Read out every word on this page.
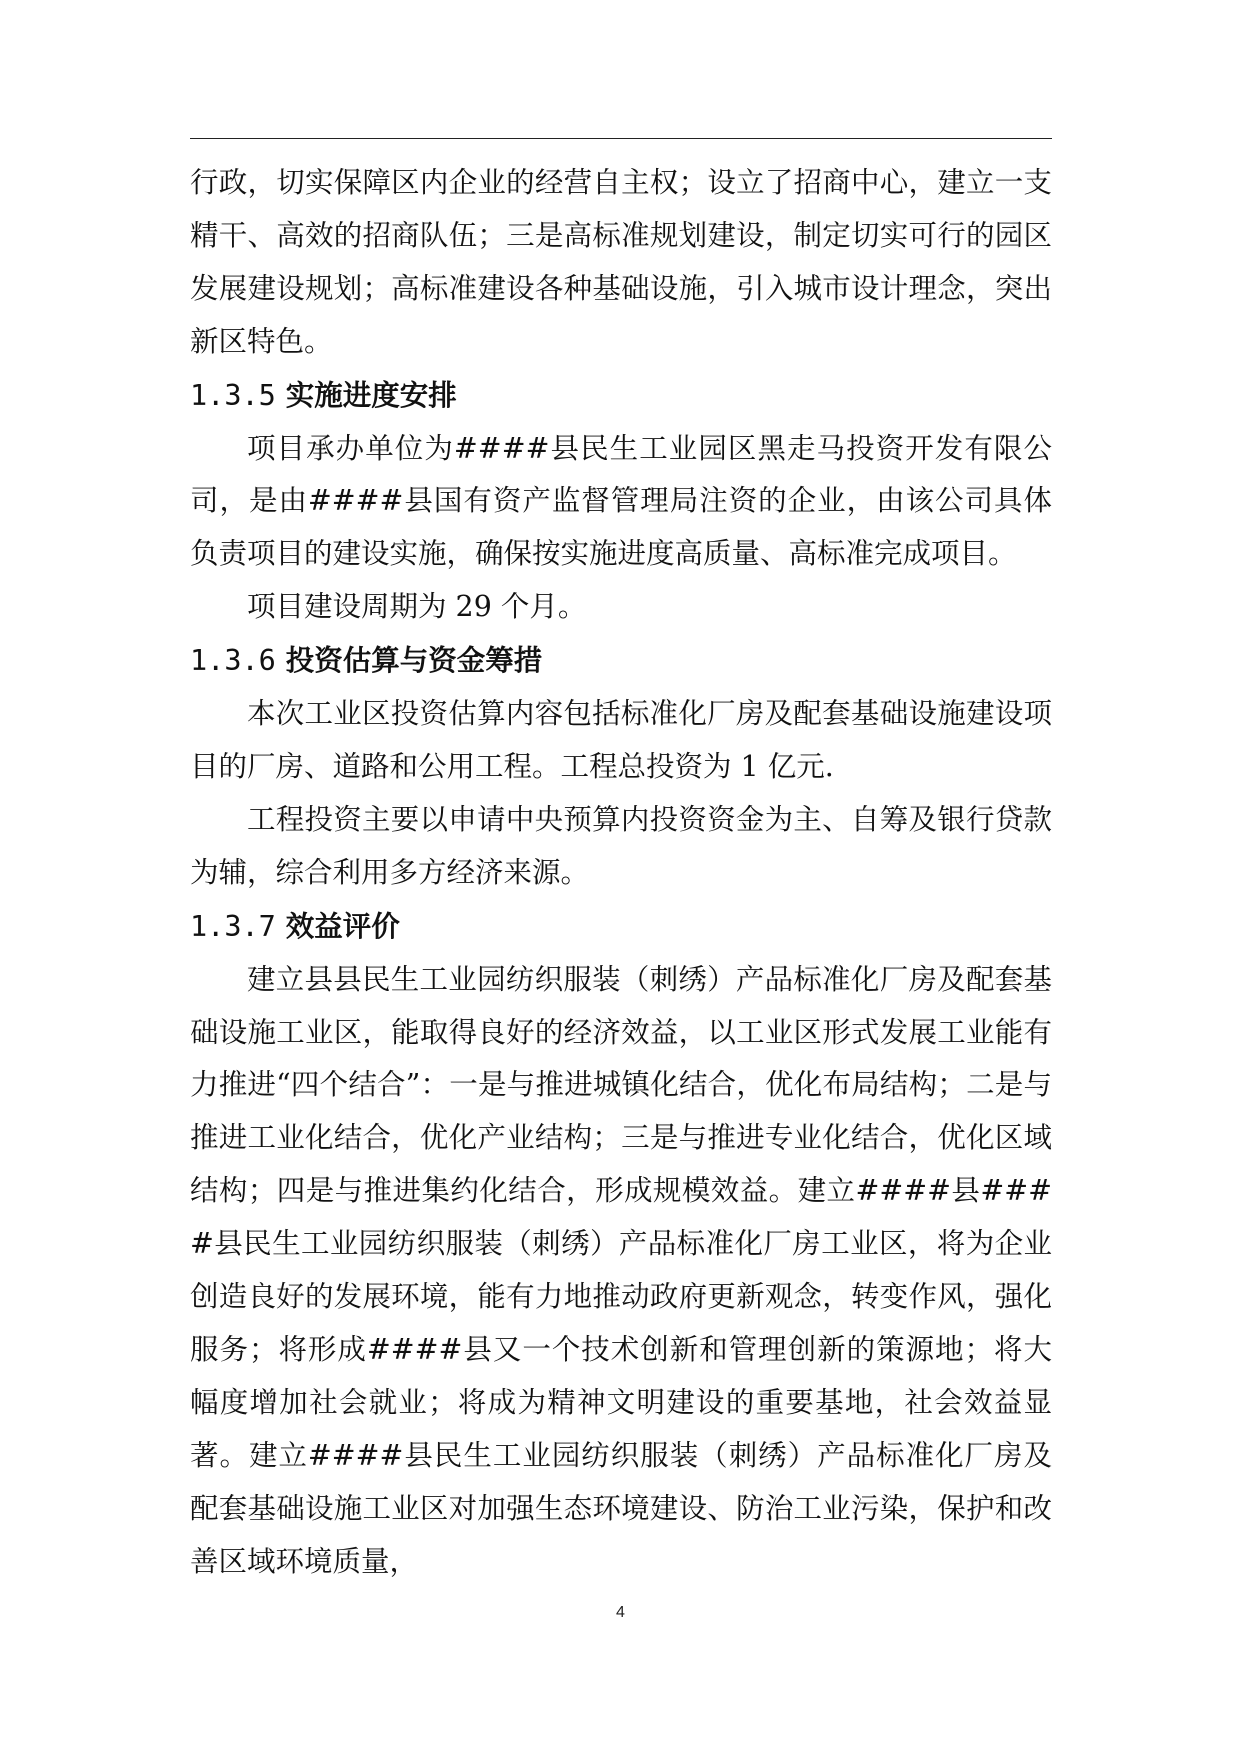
行政，切实保障区内企业的经营自主权；设立了招商中心，建立一支精干、高效的招商队伍；三是高标准规划建设，制定切实可行的园区发展建设规划；高标准建设各种基础设施，引入城市设计理念，突出新区特色。

1.3.5 实施进度安排

项目承办单位为####县民生工业园区黑走马投资开发有限公司，是由####县国有资产监督管理局注资的企业，由该公司具体负责项目的建设实施，确保按实施进度高质量、高标准完成项目。

项目建设周期为 29 个月。

1.3.6 投资估算与资金筹措

本次工业区投资估算内容包括标准化厂房及配套基础设施建设项目的厂房、道路和公用工程。工程总投资为 1 亿元.

工程投资主要以申请中央预算内投资资金为主、自筹及银行贷款为辅，综合利用多方经济来源。

1.3.7 效益评价

建立县县民生工业园纺织服装（刺绣）产品标准化厂房及配套基础设施工业区，能取得良好的经济效益，以工业区形式发展工业能有力推进“四个结合”：一是与推进城镇化结合，优化布局结构；二是与推进工业化结合，优化产业结构；三是与推进专业化结合，优化区域结构；四是与推进集约化结合，形成规模效益。建立####县####县民生工业园纺织服装（刺绣）产品标准化厂房工业区，将为企业创造良好的发展环境，能有力地推动政府更新观念，转变作风，强化服务；将形成####县又一个技术创新和管理创新的策源地；将大幅度增加社会就业；将成为精神文明建设的重要基地，社会效益显著。建立####县民生工业园纺织服装（刺绣）产品标准化厂房及配套基础设施工业区对加强生态环境建设、防治工业污染，保护和改善区域环境质量，

4
